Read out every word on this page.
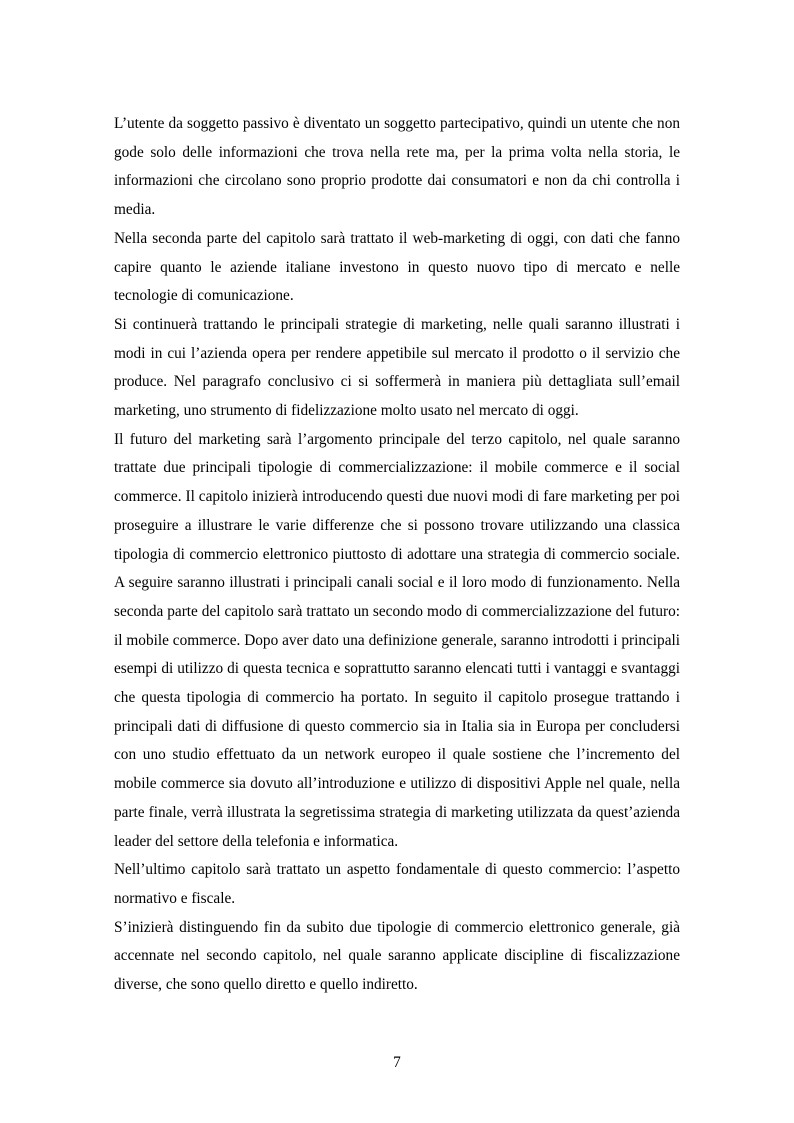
L’utente da soggetto passivo è diventato un soggetto partecipativo, quindi un utente che non gode solo delle informazioni che trova nella rete ma, per la prima volta nella storia, le informazioni che circolano sono proprio prodotte dai consumatori e non da chi controlla i media.

Nella seconda parte del capitolo sarà trattato il web-marketing di oggi, con dati che fanno capire quanto le aziende italiane investono in questo nuovo tipo di mercato e nelle tecnologie di comunicazione.

Si continuerà trattando le principali strategie di marketing, nelle quali saranno illustrati i modi in cui l’azienda opera per rendere appetibile sul mercato il prodotto o il servizio che produce. Nel paragrafo conclusivo ci si soffermerà in maniera più dettagliata sull’email marketing, uno strumento di fidelizzazione molto usato nel mercato di oggi.

Il futuro del marketing sarà l’argomento principale del terzo capitolo, nel quale saranno trattate due principali tipologie di commercializzazione: il mobile commerce e il social commerce. Il capitolo inizierà introducendo questi due nuovi modi di fare marketing per poi proseguire a illustrare le varie differenze che si possono trovare utilizzando una classica tipologia di commercio elettronico piuttosto di adottare una strategia di commercio sociale. A seguire saranno illustrati i principali canali social e il loro modo di funzionamento. Nella seconda parte del capitolo sarà trattato un secondo modo di commercializzazione del futuro: il mobile commerce. Dopo aver dato una definizione generale, saranno introdotti i principali esempi di utilizzo di questa tecnica e soprattutto saranno elencati tutti i vantaggi e svantaggi che questa tipologia di commercio ha portato. In seguito il capitolo prosegue trattando i principali dati di diffusione di questo commercio sia in Italia sia in Europa per concludersi con uno studio effettuato da un network europeo il quale sostiene che l’incremento del mobile commerce sia dovuto all’introduzione e utilizzo di dispositivi Apple nel quale, nella parte finale, verrà illustrata la segretissima strategia di marketing utilizzata da quest’azienda leader del settore della telefonia e informatica.

Nell’ultimo capitolo sarà trattato un aspetto fondamentale di questo commercio: l’aspetto normativo e fiscale.

S’inizierà distinguendo fin da subito due tipologie di commercio elettronico generale, già accennate nel secondo capitolo, nel quale saranno applicate discipline di fiscalizzazione diverse, che sono quello diretto e quello indiretto.

7
